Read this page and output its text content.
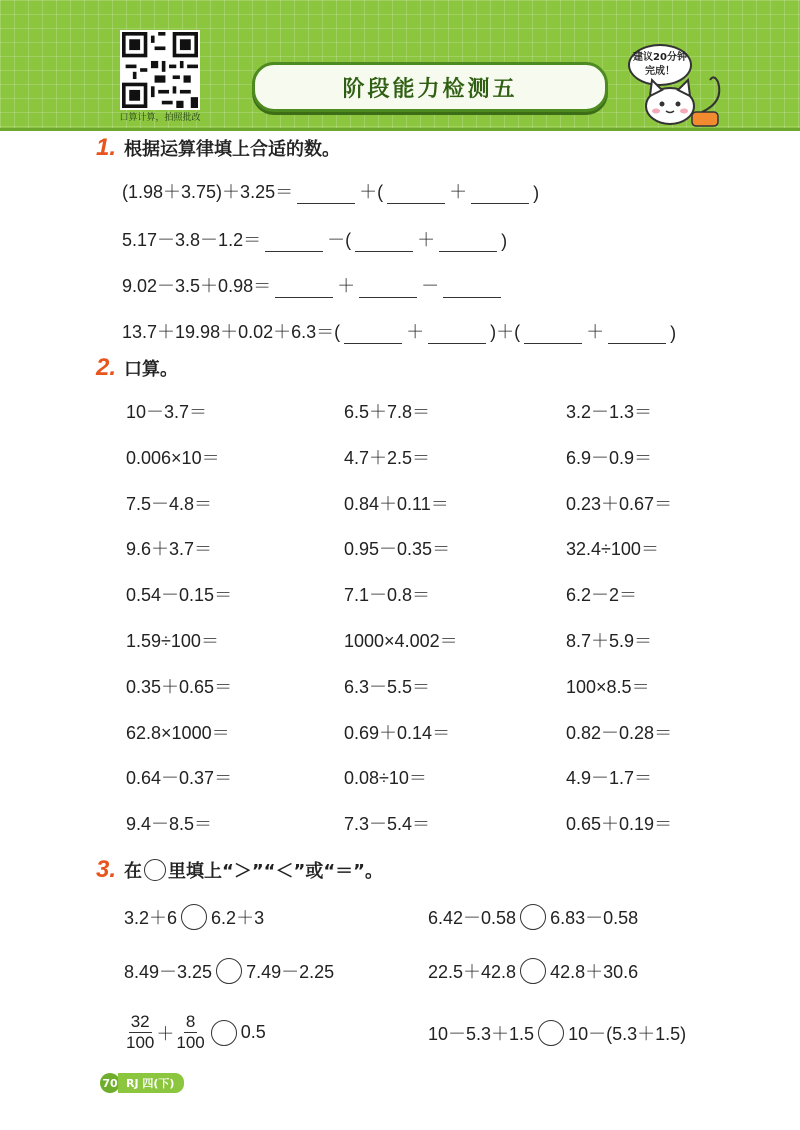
口算计算，拍照批改
阶段能力检测五
建议20分钟
完成！
1. 根据运算律填上合适的数。
(1.98＋3.75)＋3.25＝	＋(	＋	)
5.17－3.8－1.2＝	－(	＋	)
9.02－3.5＋0.98＝	＋	－
13.7＋19.98＋0.02＋6.3＝(	＋	)＋(	＋	)
2. 口算。
10－3.7＝	6.5＋7.8＝	3.2－1.3＝
0.006×10＝	4.7＋2.5＝	6.9－0.9＝
7.5－4.8＝	0.84＋0.11＝	0.23＋0.67＝
9.6＋3.7＝	0.95－0.35＝	32.4÷100＝
0.54－0.15＝	7.1－0.8＝	6.2－2＝
1.59÷100＝	1000×4.002＝	8.7＋5.9＝
0.35＋0.65＝	6.3－5.5＝	100×8.5＝
62.8×1000＝	0.69＋0.14＝	0.82－0.28＝
0.64－0.37＝	0.08÷10＝	4.9－1.7＝
9.4－8.5＝	7.3－5.4＝	0.65＋0.19＝
3. 在 里填上“＞”“＜”或“＝”。
3.2＋6 6.2＋3	6.42－0.58 6.83－0.58
8.49－3.25 7.49－2.25	22.5＋42.8 42.8＋30.6
$\frac{32}{100} + \frac{8}{100} 0.5$	10－5.3＋1.5 10－(5.3＋1.5)
70 RJ 四(下)
